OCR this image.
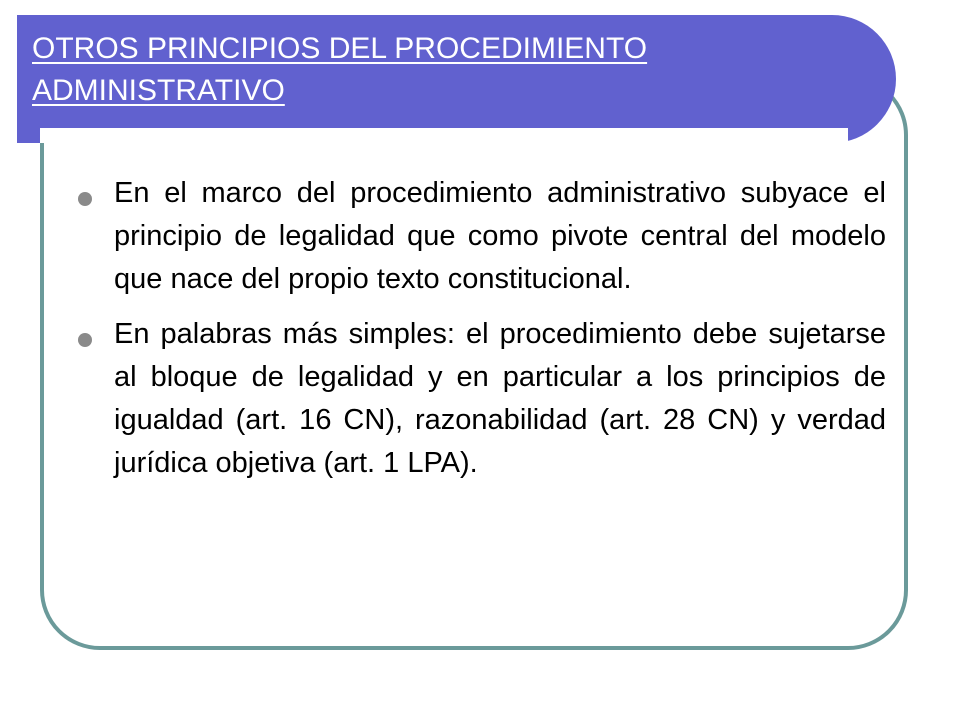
OTROS PRINCIPIOS DEL PROCEDIMIENTO ADMINISTRATIVO
En el marco del procedimiento administrativo subyace el principio de legalidad que como pivote central del modelo que nace del propio texto constitucional.
En palabras más simples: el procedimiento debe sujetarse al bloque de legalidad y en particular a los principios de igualdad (art. 16 CN), razonabilidad (art. 28 CN) y verdad jurídica objetiva (art. 1 LPA).
